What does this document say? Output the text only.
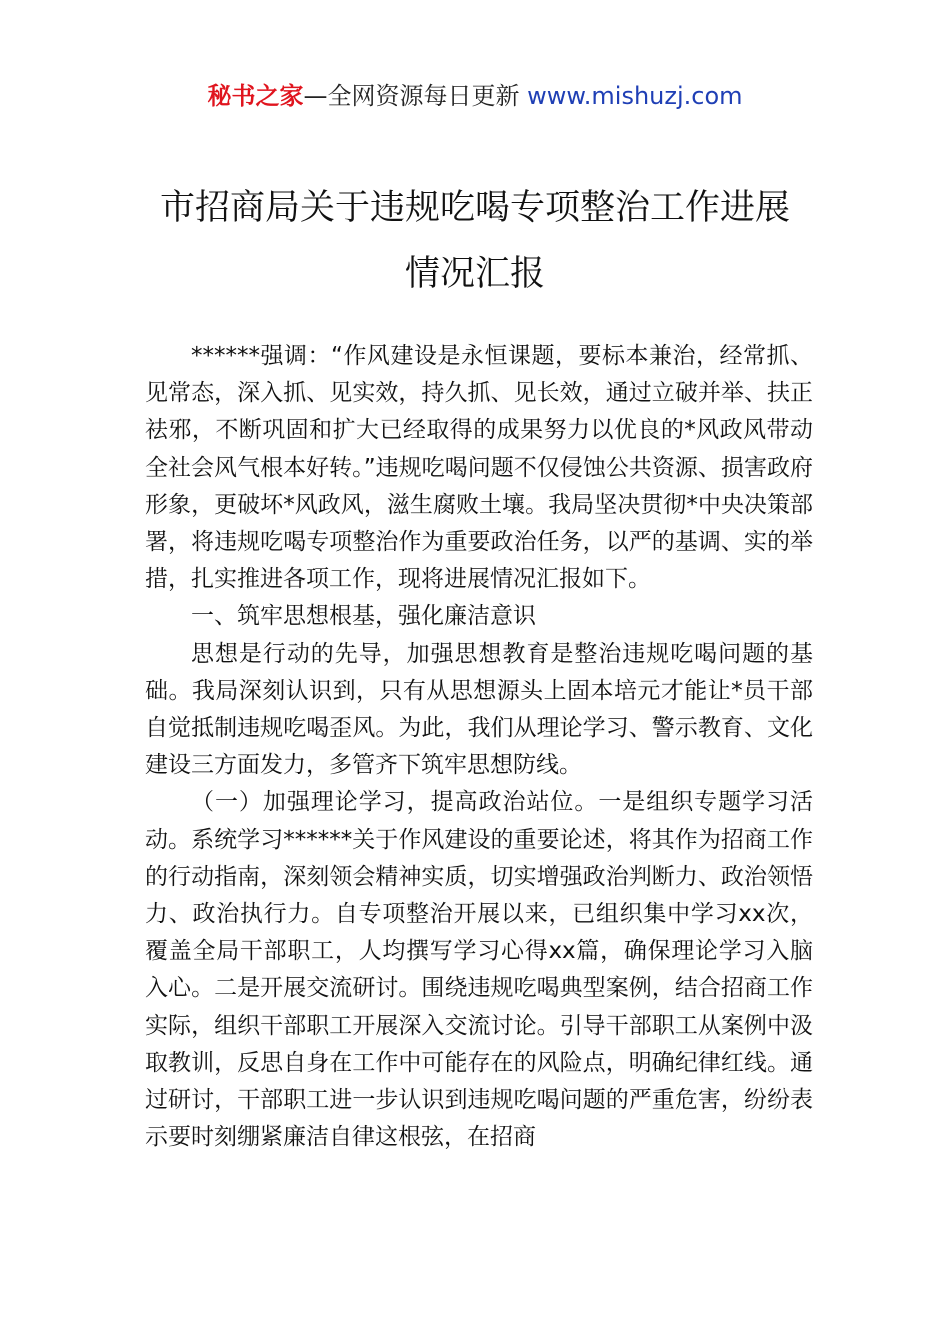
秘书之家—全网资源每日更新 www.mishuzj.com
市招商局关于违规吃喝专项整治工作进展
情况汇报

******强调：“作风建设是永恒课题，要标本兼治，经常抓、见常态，深入抓、见实效，持久抓、见长效，通过立破并举、扶正祛邪，不断巩固和扩大已经取得的成果努力以优良的*风政风带动全社会风气根本好转。”违规吃喝问题不仅侵蚀公共资源、损害政府形象，更破坏*风政风，滋生腐败土壤。我局坚决贯彻*中央决策部署，将违规吃喝专项整治作为重要政治任务，以严的基调、实的举措，扎实推进各项工作，现将进展情况汇报如下。

一、筑牢思想根基，强化廉洁意识

思想是行动的先导，加强思想教育是整治违规吃喝问题的基础。我局深刻认识到，只有从思想源头上固本培元才能让*员干部自觉抵制违规吃喝歪风。为此，我们从理论学习、警示教育、文化建设三方面发力，多管齐下筑牢思想防线。

（一）加强理论学习，提高政治站位。一是组织专题学习活动。系统学习******关于作风建设的重要论述，将其作为招商工作的行动指南，深刻领会精神实质，切实增强政治判断力、政治领悟力、政治执行力。自专项整治开展以来，已组织集中学习xx次，覆盖全局干部职工，人均撰写学习心得xx篇，确保理论学习入脑入心。二是开展交流研讨。围绕违规吃喝典型案例，结合招商工作实际，组织干部职工开展深入交流讨论。引导干部职工从案例中汲取教训，反思自身在工作中可能存在的风险点，明确纪律红线。通过研讨，干部职工进一步认识到违规吃喝问题的严重危害，纷纷表示要时刻绷紧廉洁自律这根弦，在招商
